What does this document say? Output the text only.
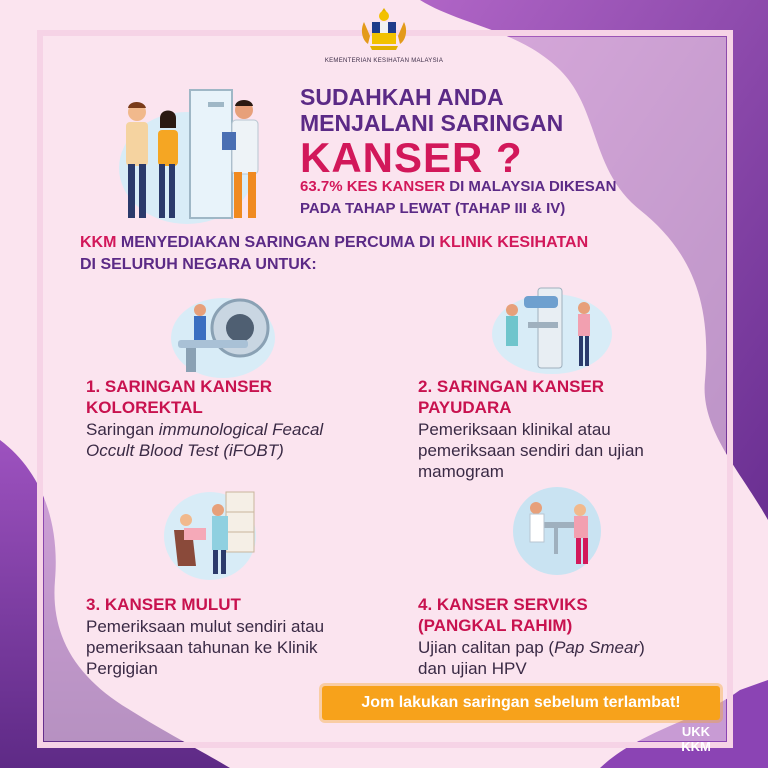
KEMENTERIAN KESIHATAN MALAYSIA
SUDAHKAH ANDA
MENJALANI SARINGAN
KANSER ?
63.7% KES KANSER DI MALAYSIA DIKESAN
PADA TAHAP LEWAT (TAHAP III & IV)
KKM MENYEDIAKAN SARINGAN PERCUMA DI KLINIK KESIHATAN
DI SELURUH NEGARA UNTUK:
1. SARINGAN KANSER
KOLOREKTAL
Saringan immunological Feacal
Occult Blood Test (iFOBT)
2. SARINGAN KANSER
PAYUDARA
Pemeriksaan klinikal atau
pemeriksaan sendiri dan ujian
mamogram
3. KANSER MULUT
Pemeriksaan mulut sendiri atau
pemeriksaan tahunan ke Klinik
Pergigian
4. KANSER SERVIKS
(PANGKAL RAHIM)
Ujian calitan pap (Pap Smear)
dan ujian HPV
Jom lakukan saringan sebelum terlambat!
UKK
KKM
